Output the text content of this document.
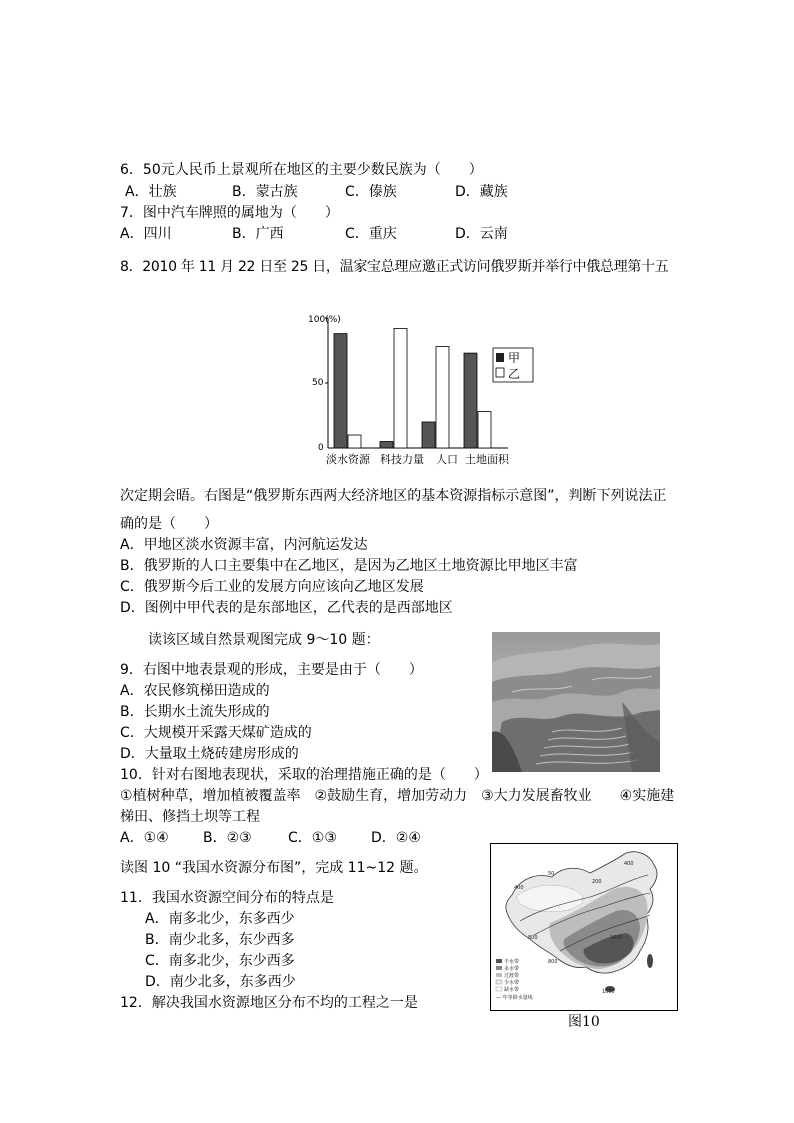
6．50元人民币上景观所在地区的主要少数民族为（　　）
A．壮族	B．蒙古族	C．傣族	D．藏族
7．图中汽车牌照的属地为（　　）
A．四川	B．广西	C．重庆	D．云南
8．2010 年 11 月 22 日至 25 日，温家宝总理应邀正式访问俄罗斯并举行中俄总理第十五
100(%)
50
0
淡水资源 科技力量 人口 土地面积
甲
乙
次定期会晤。右图是“俄罗斯东西两大经济地区的基本资源指标示意图”，判断下列说法正
确的是（　　）
A．甲地区淡水资源丰富，内河航运发达
B．俄罗斯的人口主要集中在乙地区，是因为乙地区土地资源比甲地区丰富
C．俄罗斯今后工业的发展方向应该向乙地区发展
D．图例中甲代表的是东部地区，乙代表的是西部地区
读该区域自然景观图完成 9～10 题：
9．右图中地表景观的形成，主要是由于（　　）
A．农民修筑梯田造成的
B．长期水土流失形成的
C．大规模开采露天煤矿造成的
D．大量取土烧砖建房形成的
10．针对右图地表现状，采取的治理措施正确的是（　　）
①植树种草，增加植被覆盖率　②鼓励生育，增加劳动力　③大力发展畜牧业　　④实施建
梯田、修挡土坝等工程
A．①④ B．②③	C．①③ D．②④
读图 10 “我国水资源分布图”，完成 11~12 题。
11．我国水资源空间分布的特点是
A．南多北少，东多西少
B．南少北多，东少西多
C．南多北少，东少西多
D．南少北多，东多西少
12．解决我国水资源地区分布不均的工程之一是
400
50
200
400
800	1600
800
1600
丰水带
多水带
过渡带
少水带
缺水带
— 年等降水量线
图10
